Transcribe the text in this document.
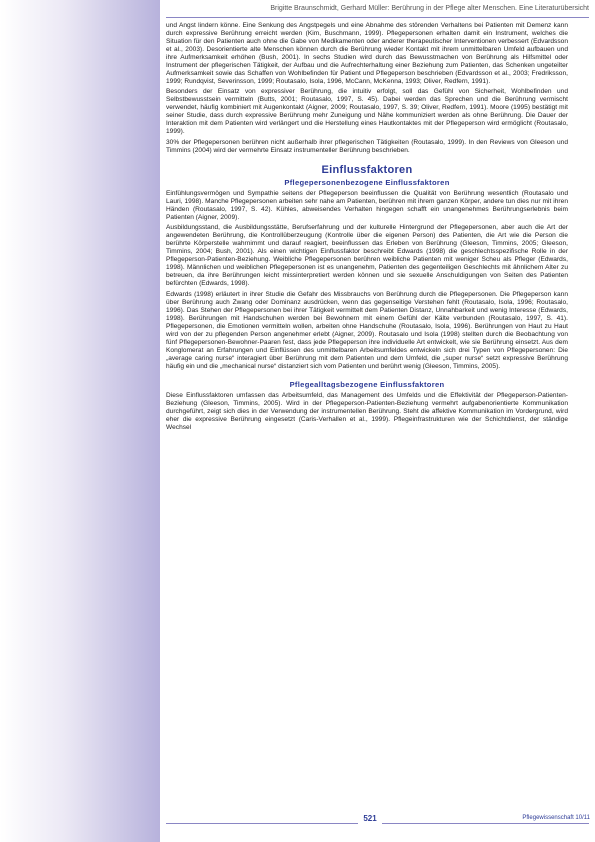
Brigitte Braunschmidt, Gerhard Müller: Berührung in der Pflege alter Menschen. Eine Literaturübersicht

und Angst lindern könne. Eine Senkung des Angstpegels und eine Abnahme des störenden Verhaltens bei Patienten mit Demenz kann durch expressive Berührung erreicht werden (Kim, Buschmann, 1999). Pflegepersonen erhalten damit ein Instrument, welches die Situation für den Patienten auch ohne die Gabe von Medikamenten oder anderer therapeutischer Interventionen verbessert (Edvardsson et al., 2003). Desorientierte alte Menschen können durch die Berührung wieder Kontakt mit ihrem unmittelbaren Umfeld aufbauen und ihre Aufmerksamkeit erhöhen (Bush, 2001). In sechs Studien wird durch das Bewusstmachen von Berührung als Hilfsmittel oder Instrument der pflegerischen Tätigkeit, der Aufbau und die Aufrechterhaltung einer Beziehung zum Patienten, das Schenken ungeteilter Aufmerksamkeit sowie das Schaffen von Wohlbefinden für Patient und Pflegeperson beschrieben (Edvardsson et al., 2003; Fredriksson, 1999; Rundqvist, Severinsson, 1999; Routasalo, Isola, 1996, McCann, McKenna, 1993; Oliver, Redfern, 1991).

Besonders der Einsatz von expressiver Berührung, die intuitiv erfolgt, soll das Gefühl von Sicherheit, Wohlbefinden und Selbstbewusstsein vermitteln (Butts, 2001; Routasalo, 1997, S. 45). Dabei werden das Sprechen und die Berührung vermischt verwendet, häufig kombiniert mit Augenkontakt (Aigner, 2009; Routasalo, 1997, S. 39; Oliver, Redfern, 1991). Moore (1995) bestätigt mit seiner Studie, dass durch expressive Berührung mehr Zuneigung und Nähe kommuniziert werden als ohne Berührung. Die Dauer der Interaktion mit dem Patienten wird verlängert und die Herstellung eines Hautkontaktes mit der Pflegeperson wird ermöglicht (Routasalo, 1999).

30% der Pflegepersonen berühren nicht außerhalb ihrer pflegerischen Tätigkeiten (Routasalo, 1999). In den Reviews von Gleeson und Timmins (2004) wird der vermehrte Einsatz instrumenteller Berührung beschrieben.

Einflussfaktoren
Pflegepersonenbezogene Einflussfaktoren

Einfühlungsvermögen und Sympathie seitens der Pflegeperson beeinflussen die Qualität von Berührung wesentlich (Routasalo und Lauri, 1998). Manche Pflegepersonen arbeiten sehr nahe am Patienten, berühren mit ihrem ganzen Körper, andere tun dies nur mit ihren Händen (Routasalo, 1997, S. 42). Kühles, abweisendes Verhalten hingegen schafft ein unangenehmes Berührungserlebnis beim Patienten (Aigner, 2009).

Ausbildungsstand, die Ausbildungsstätte, Berufserfahrung und der kulturelle Hintergrund der Pflegepersonen, aber auch die Art der angewendeten Berührung, die Kontrollüberzeugung (Kontrolle über die eigenen Person) des Patienten, die Art wie die Person die berührte Körperstelle wahrnimmt und darauf reagiert, beeinflussen das Erleben von Berührung (Gleeson, Timmins, 2005; Gleeson, Timmins, 2004; Bush, 2001). Als einen wichtigen Einflussfaktor beschreibt Edwards (1998) die geschlechtsspezifische Rolle in der Pflegeperson-Patienten-Beziehung. Weibliche Pflegepersonen berühren weibliche Patienten mit weniger Scheu als Pfleger (Edwards, 1998). Männlichen und weiblichen Pflegepersonen ist es unangenehm, Patienten des gegenteiligen Geschlechts mit ähnlichem Alter zu betreuen, da ihre Berührungen leicht missinterpretiert werden können und sie sexuelle Anschuldigungen von Seiten des Patienten befürchten (Edwards, 1998).

Edwards (1998) erläutert in ihrer Studie die Gefahr des Missbrauchs von Berührung durch die Pflegepersonen. Die Pflegeperson kann über Berührung auch Zwang oder Dominanz ausdrücken, wenn das gegenseitige Verstehen fehlt (Routasalo, Isola, 1996; Routasalo, 1996). Das Stehen der Pflegepersonen bei ihrer Tätigkeit vermittelt dem Patienten Distanz, Unnahbarkeit und wenig Interesse (Edwards, 1998). Berührungen mit Handschuhen werden bei Bewohnern mit einem Gefühl der Kälte verbunden (Routasalo, 1997, S. 41). Pflegepersonen, die Emotionen vermitteln wollen, arbeiten ohne Handschuhe (Routasalo, Isola, 1996). Berührungen von Haut zu Haut wird von der zu pflegenden Person angenehmer erlebt (Aigner, 2009). Routasalo und Isola (1998) stellten durch die Beobachtung von fünf Pflegepersonen-Bewohner-Paaren fest, dass jede Pflegeperson ihre individuelle Art entwickelt, wie sie Berührung einsetzt. Aus dem Konglomerat an Erfahrungen und Einflüssen des unmittelbaren Arbeitsumfeldes entwickeln sich drei Typen von Pflegepersonen: Die „average caring nurse“ interagiert über Berührung mit dem Patienten und dem Umfeld, die „super nurse“ setzt expressive Berührung häufig ein und die „mechanical nurse“ distanziert sich vom Patienten und berührt wenig (Gleeson, Timmins, 2005).

Pflegealltagsbezogene Einflussfaktoren

Diese Einflussfaktoren umfassen das Arbeitsumfeld, das Management des Umfelds und die Effektivität der Pflegeperson-Patienten-Beziehung (Gleeson, Timmins, 2005). Wird in der Pflegeperson-Patienten-Beziehung vermehrt aufgabenorientierte Kommunikation durchgeführt, zeigt sich dies in der Verwendung der instrumentellen Berührung. Steht die affektive Kommunikation im Vordergrund, wird eher die expressive Berührung eingesetzt (Caris-Verhallen et al., 1999). Pflegeinfrastrukturen wie der Schichtdienst, der ständige Wechsel

521	Pflegewissenschaft 10/11
